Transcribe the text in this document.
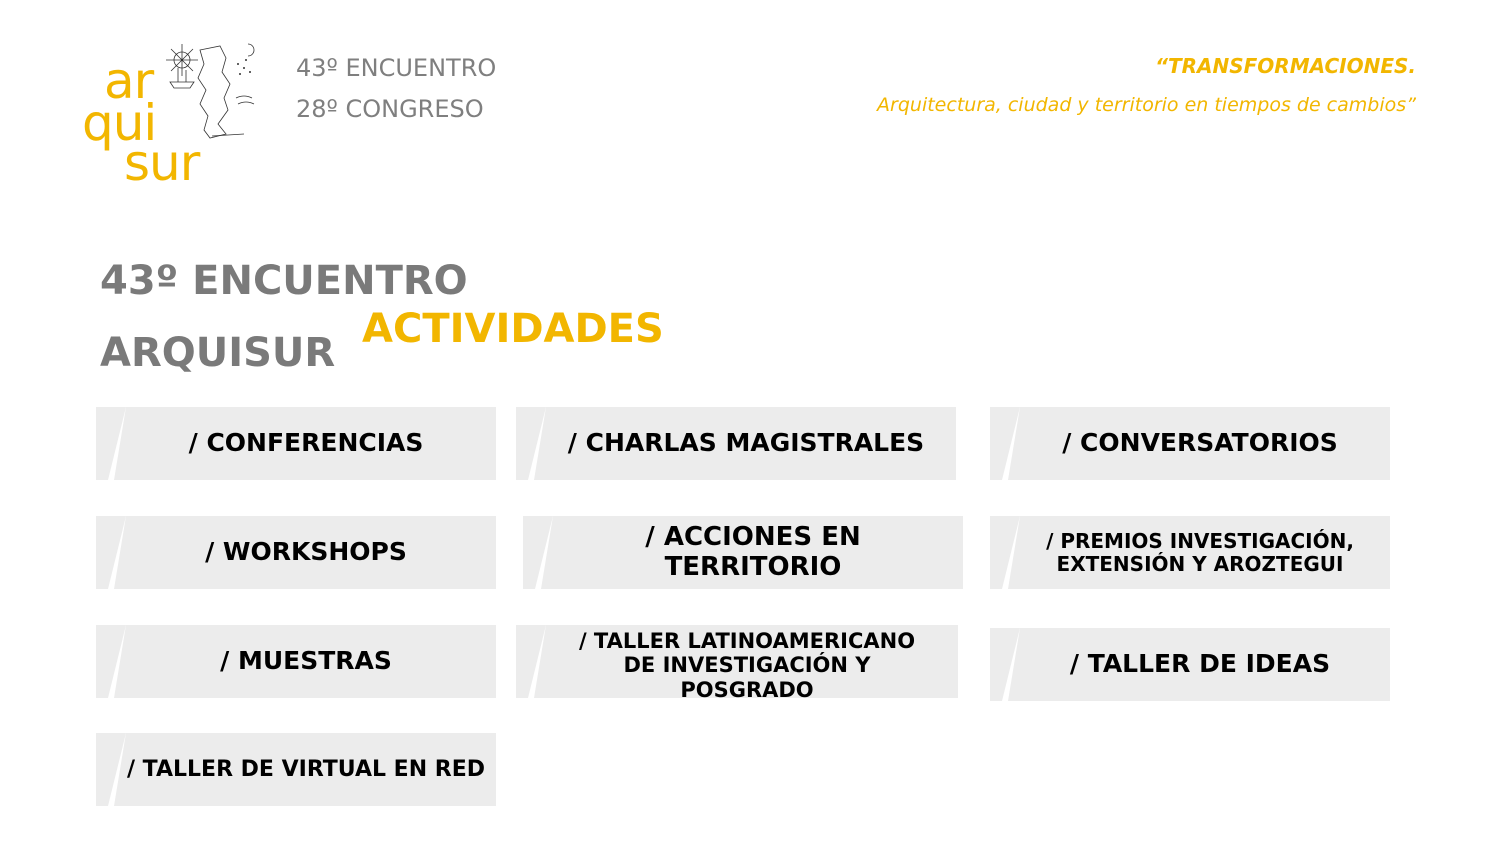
ar
qui
sur
43º ENCUENTRO
28º CONGRESO
“TRANSFORMACIONES.
Arquitectura, ciudad y territorio en tiempos de cambios”
43º ENCUENTRO
ARQUISUR
ACTIVIDADES
/ CONFERENCIAS	/ CHARLAS MAGISTRALES	/ CONVERSATORIOS
/ WORKSHOPS
/ ACCIONES EN TERRITORIO
/ PREMIOS INVESTIGACIÓN, EXTENSIÓN Y AROZTEGUI
/ MUESTRAS
/ TALLER LATINOAMERICANO DE INVESTIGACIÓN Y POSGRADO
/ TALLER DE IDEAS
/ TALLER DE VIRTUAL EN RED
